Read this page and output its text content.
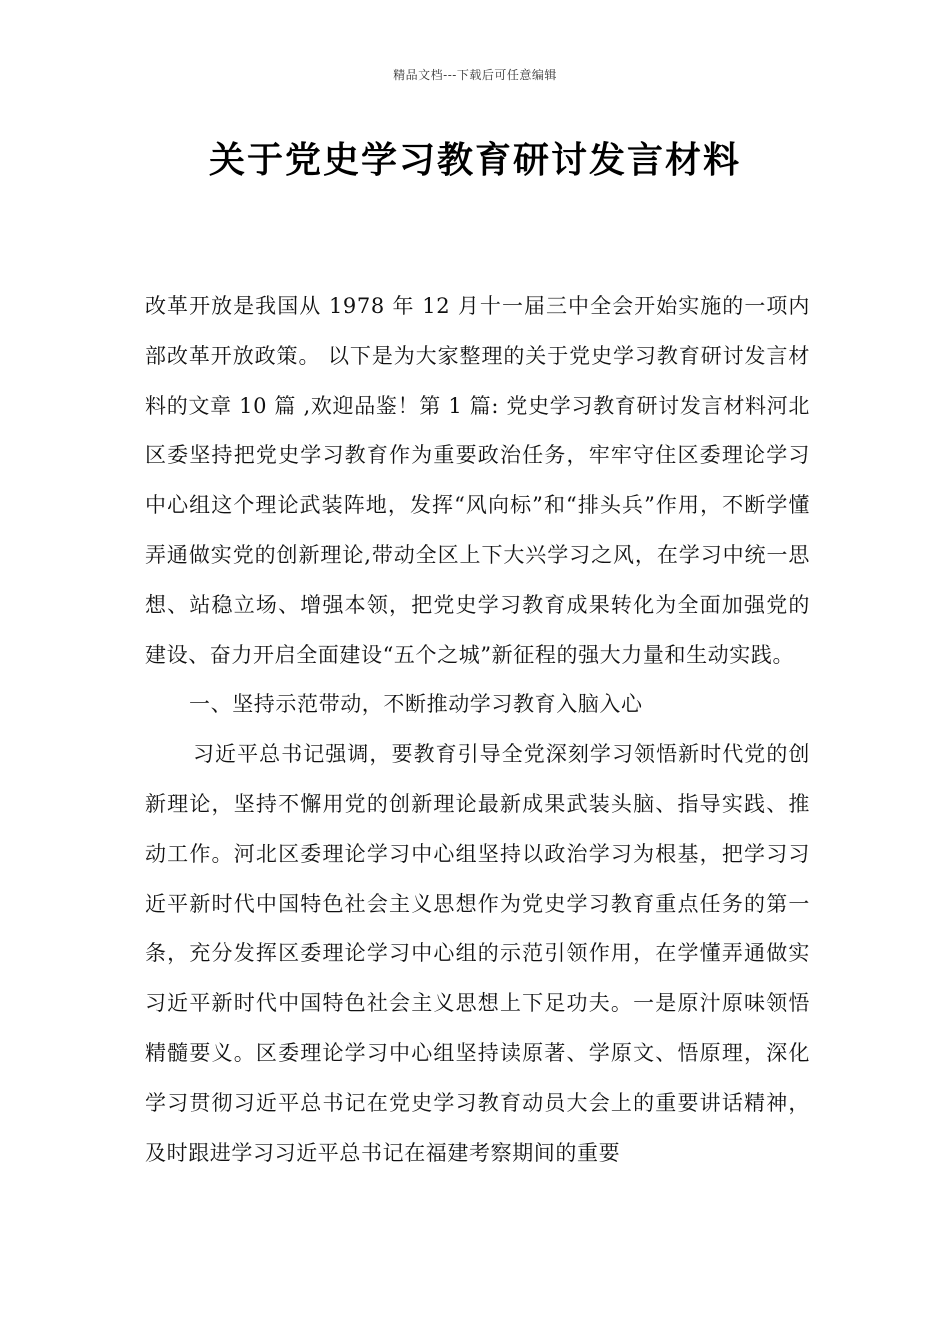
精品文档---下载后可任意编辑
关于党史学习教育研讨发言材料

改革开放是我国从 1978 年 12 月十一届三中全会开始实施的一项内部改革开放政策。 以下是为大家整理的关于党史学习教育研讨发言材料的文章 10 篇 ,欢迎品鉴！第 1 篇: 党史学习教育研讨发言材料河北区委坚持把党史学习教育作为重要政治任务，牢牢守住区委理论学习中心组这个理论武装阵地，发挥“风向标”和“排头兵”作用，不断学懂弄通做实党的创新理论,带动全区上下大兴学习之风，在学习中统一思想、站稳立场、增强本领，把党史学习教育成果转化为全面加强党的建设、奋力开启全面建设“五个之城”新征程的强大力量和生动实践。

一、坚持示范带动，不断推动学习教育入脑入心

习近平总书记强调，要教育引导全党深刻学习领悟新时代党的创新理论，坚持不懈用党的创新理论最新成果武装头脑、指导实践、推动工作。河北区委理论学习中心组坚持以政治学习为根基，把学习习近平新时代中国特色社会主义思想作为党史学习教育重点任务的第一条，充分发挥区委理论学习中心组的示范引领作用，在学懂弄通做实习近平新时代中国特色社会主义思想上下足功夫。一是原汁原味领悟精髓要义。区委理论学习中心组坚持读原著、学原文、悟原理，深化学习贯彻习近平总书记在党史学习教育动员大会上的重要讲话精神，及时跟进学习习近平总书记在福建考察期间的重要
